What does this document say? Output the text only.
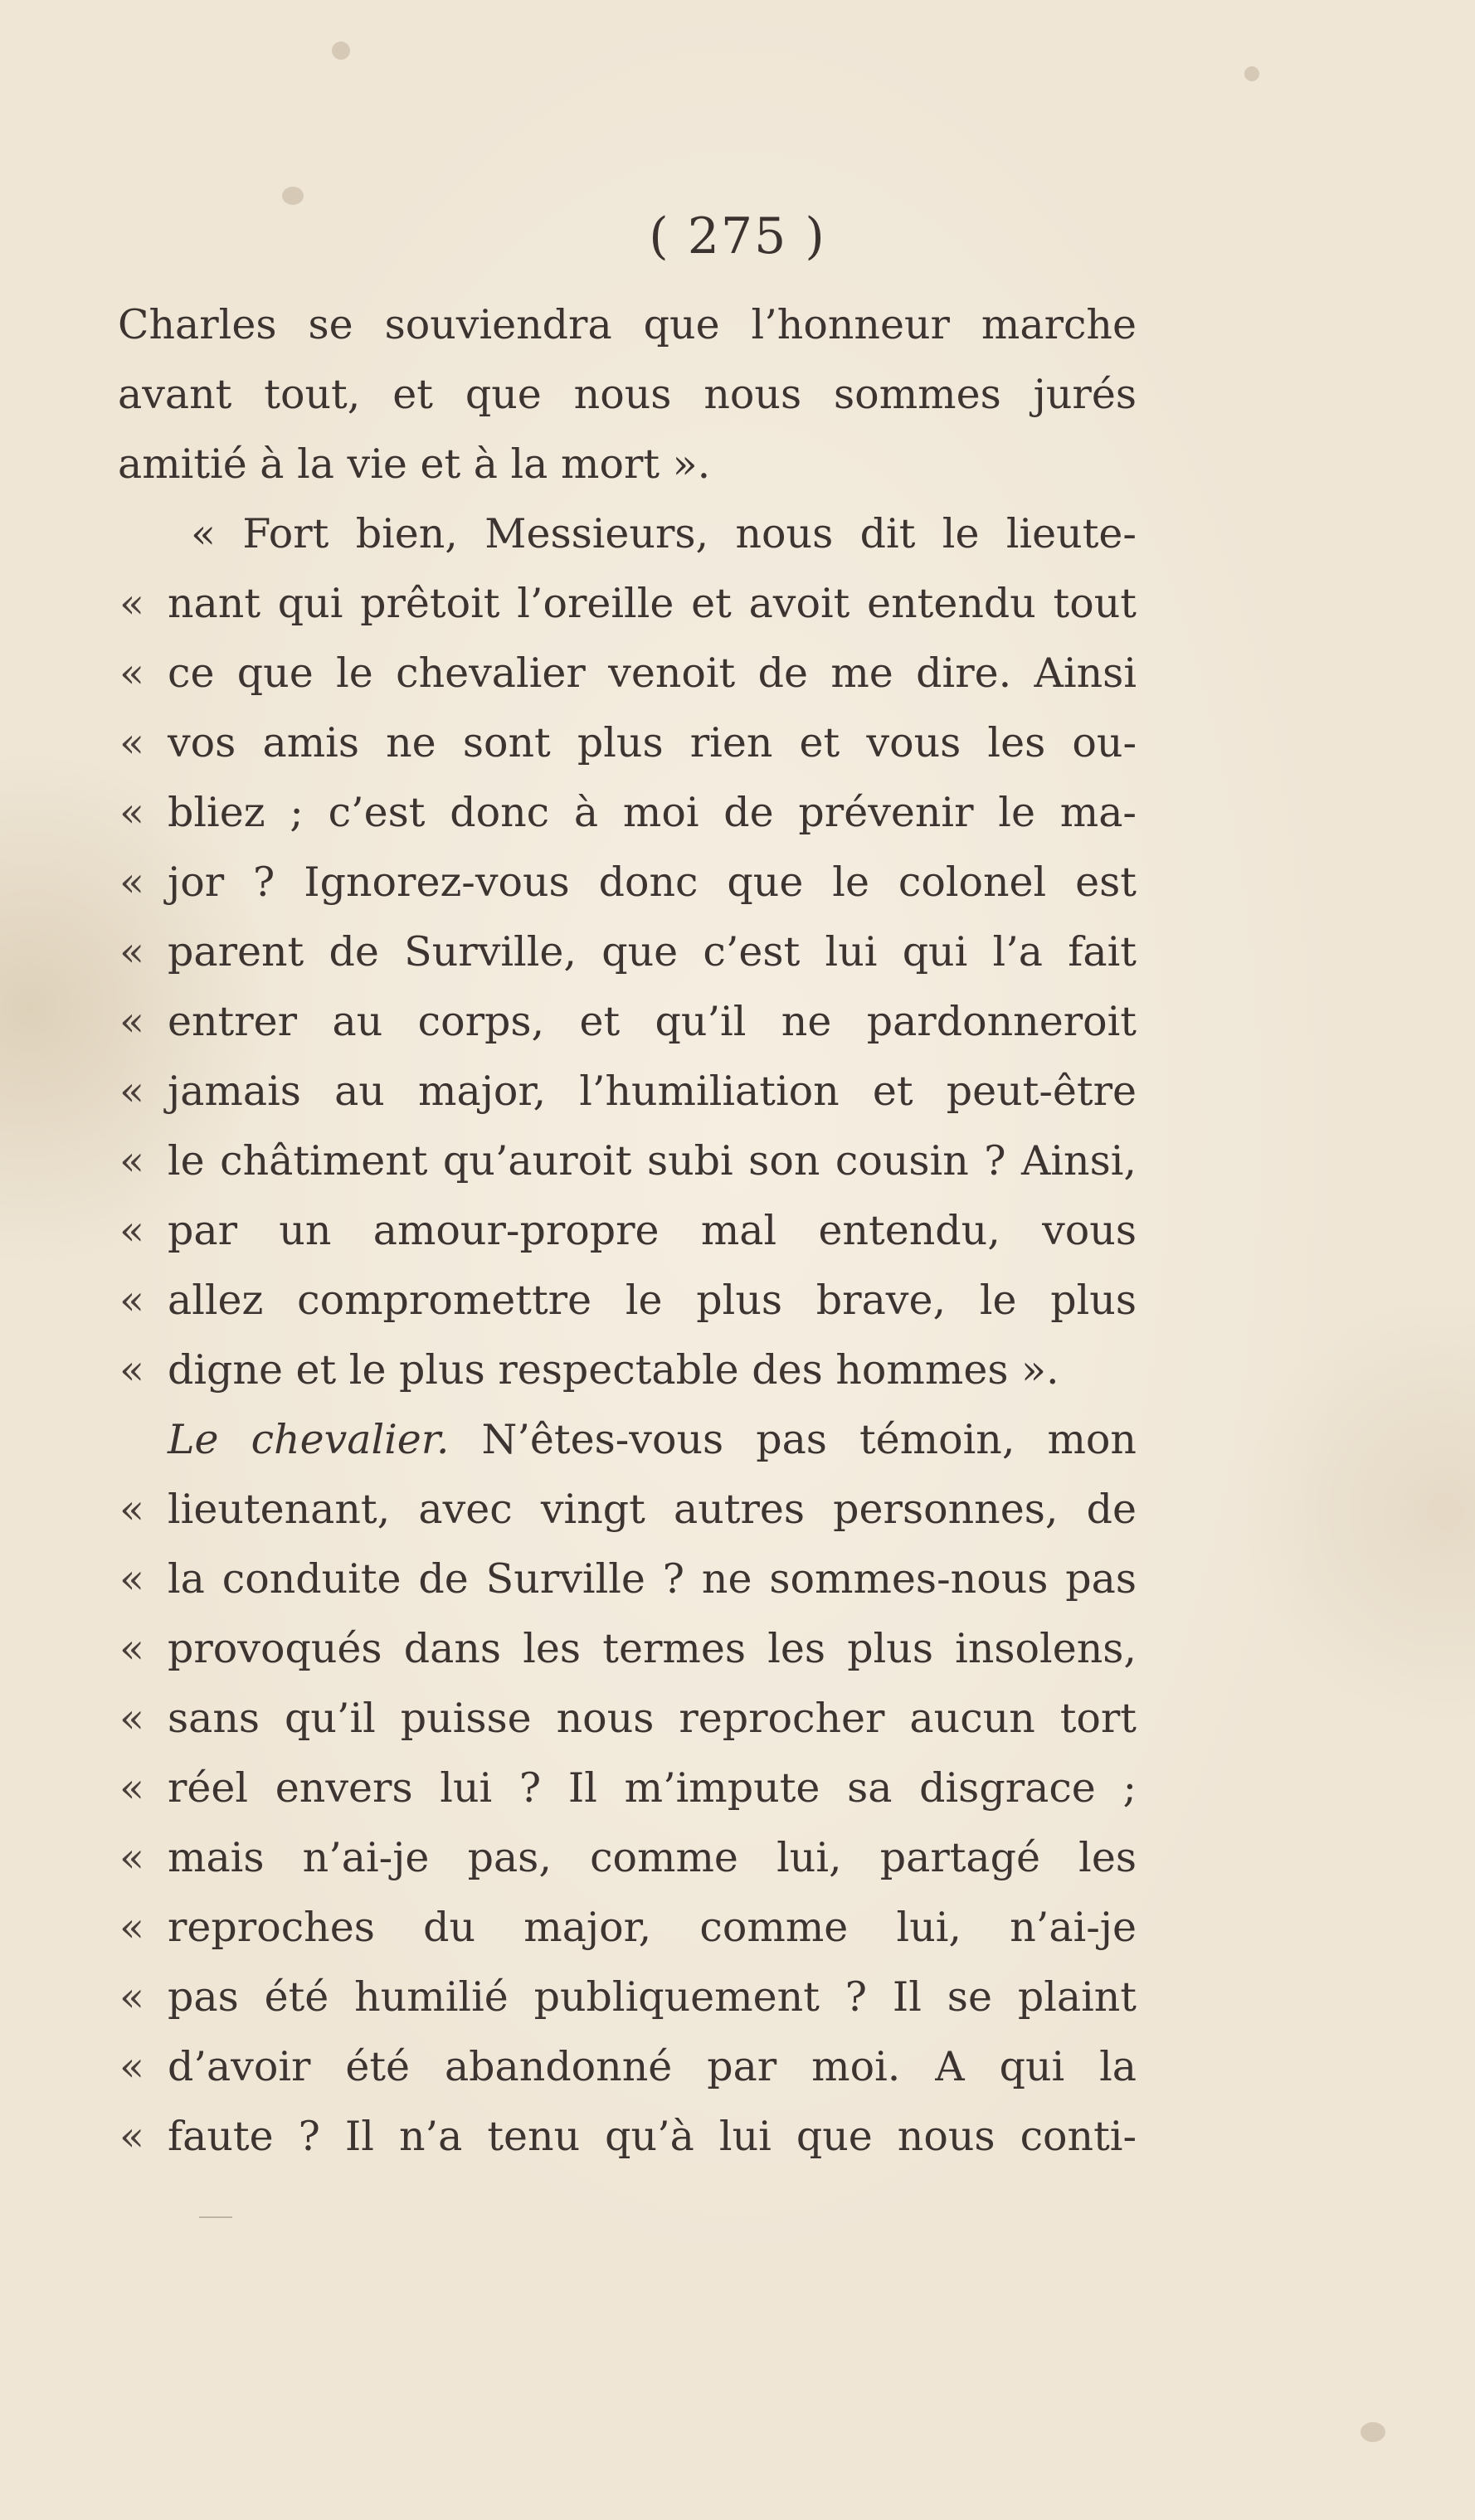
( 275 )
Charles se souviendra que l’honneur marche
avant tout, et que nous nous sommes jurés
amitié à la vie et à la mort ».
« Fort bien, Messieurs, nous dit le lieute-
« nant qui prêtoit l’oreille et avoit entendu tout
« ce que le chevalier venoit de me dire. Ainsi
« vos amis ne sont plus rien et vous les ou-
« bliez ; c’est donc à moi de prévenir le ma-
« jor ? Ignorez-vous donc que le colonel est
« parent de Surville, que c’est lui qui l’a fait
« entrer au corps, et qu’il ne pardonneroit
« jamais au major, l’humiliation et peut-être
« le châtiment qu’auroit subi son cousin ? Ainsi,
« par un amour-propre mal entendu, vous
« allez compromettre le plus brave, le plus
« digne et le plus respectable des hommes ».
Le chevalier. N’êtes-vous pas témoin, mon
« lieutenant, avec vingt autres personnes, de
« la conduite de Surville ? ne sommes-nous pas
« provoqués dans les termes les plus insolens,
« sans qu’il puisse nous reprocher aucun tort
« réel envers lui ? Il m’impute sa disgrace ;
« mais n’ai-je pas, comme lui, partagé les
« reproches du major, comme lui, n’ai-je
« pas été humilié publiquement ? Il se plaint
« d’avoir été abandonné par moi. A qui la
« faute ? Il n’a tenu qu’à lui que nous conti-
